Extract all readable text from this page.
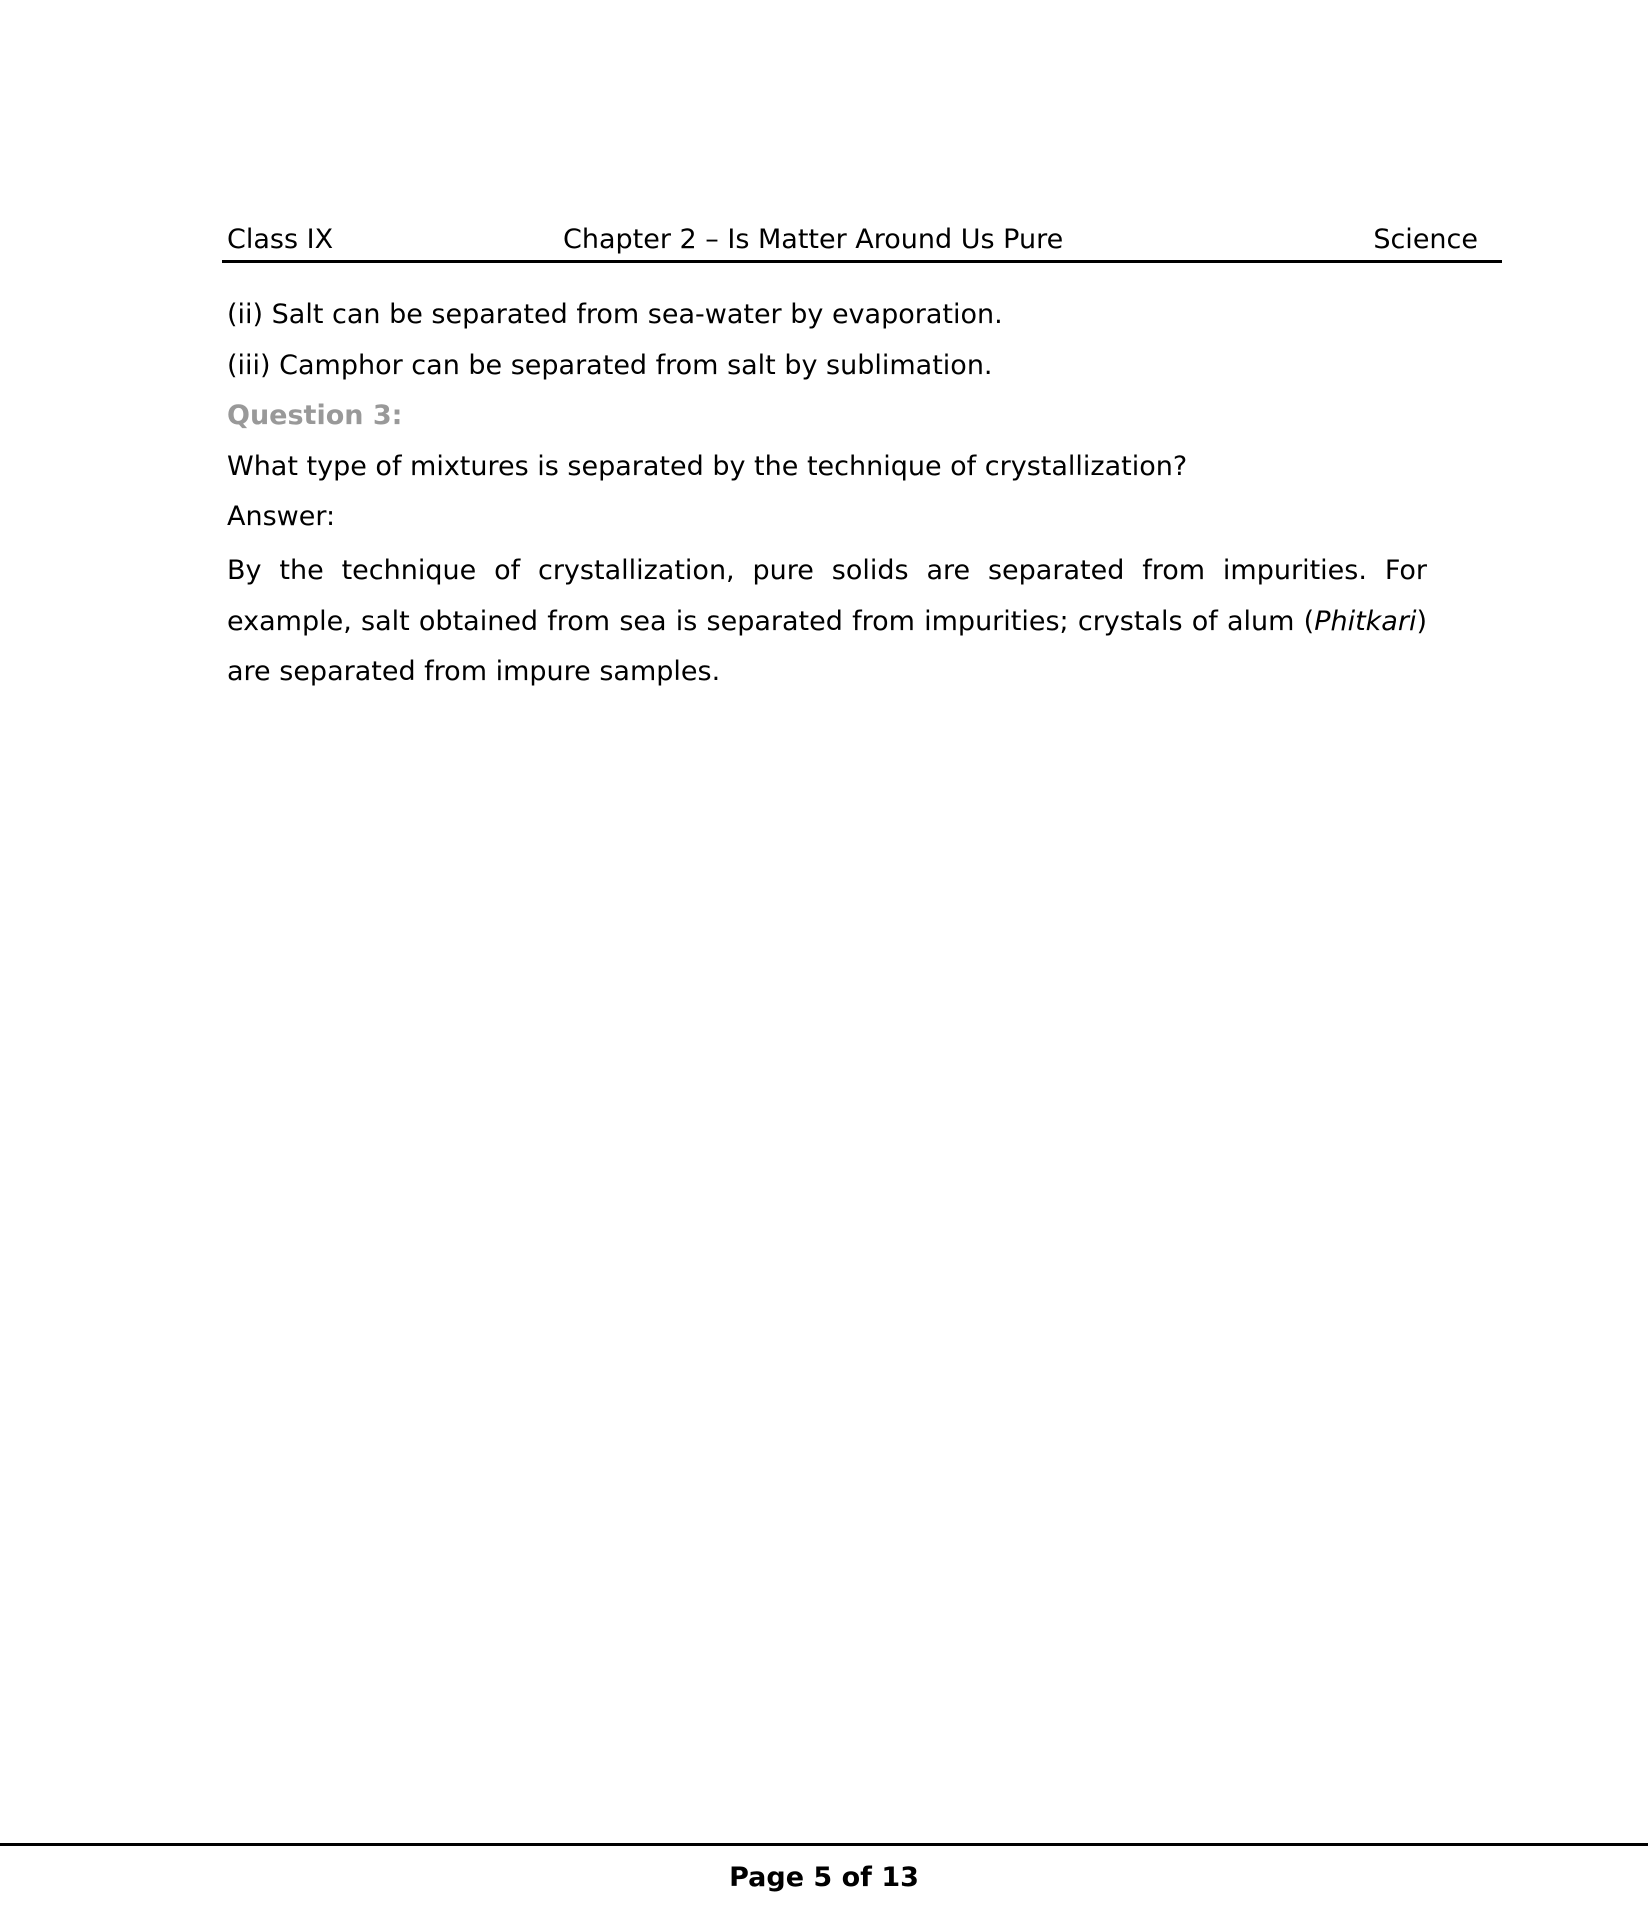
Class IX	Chapter 2 – Is Matter Around Us Pure	Science
(ii) Salt can be separated from sea-water by evaporation.
(iii) Camphor can be separated from salt by sublimation.
Question 3:
What type of mixtures is separated by the technique of crystallization?
Answer:
By the technique of crystallization, pure solids are separated from impurities. For example, salt obtained from sea is separated from impurities; crystals of alum (Phitkari) are separated from impure samples.
Page 5 of 13
